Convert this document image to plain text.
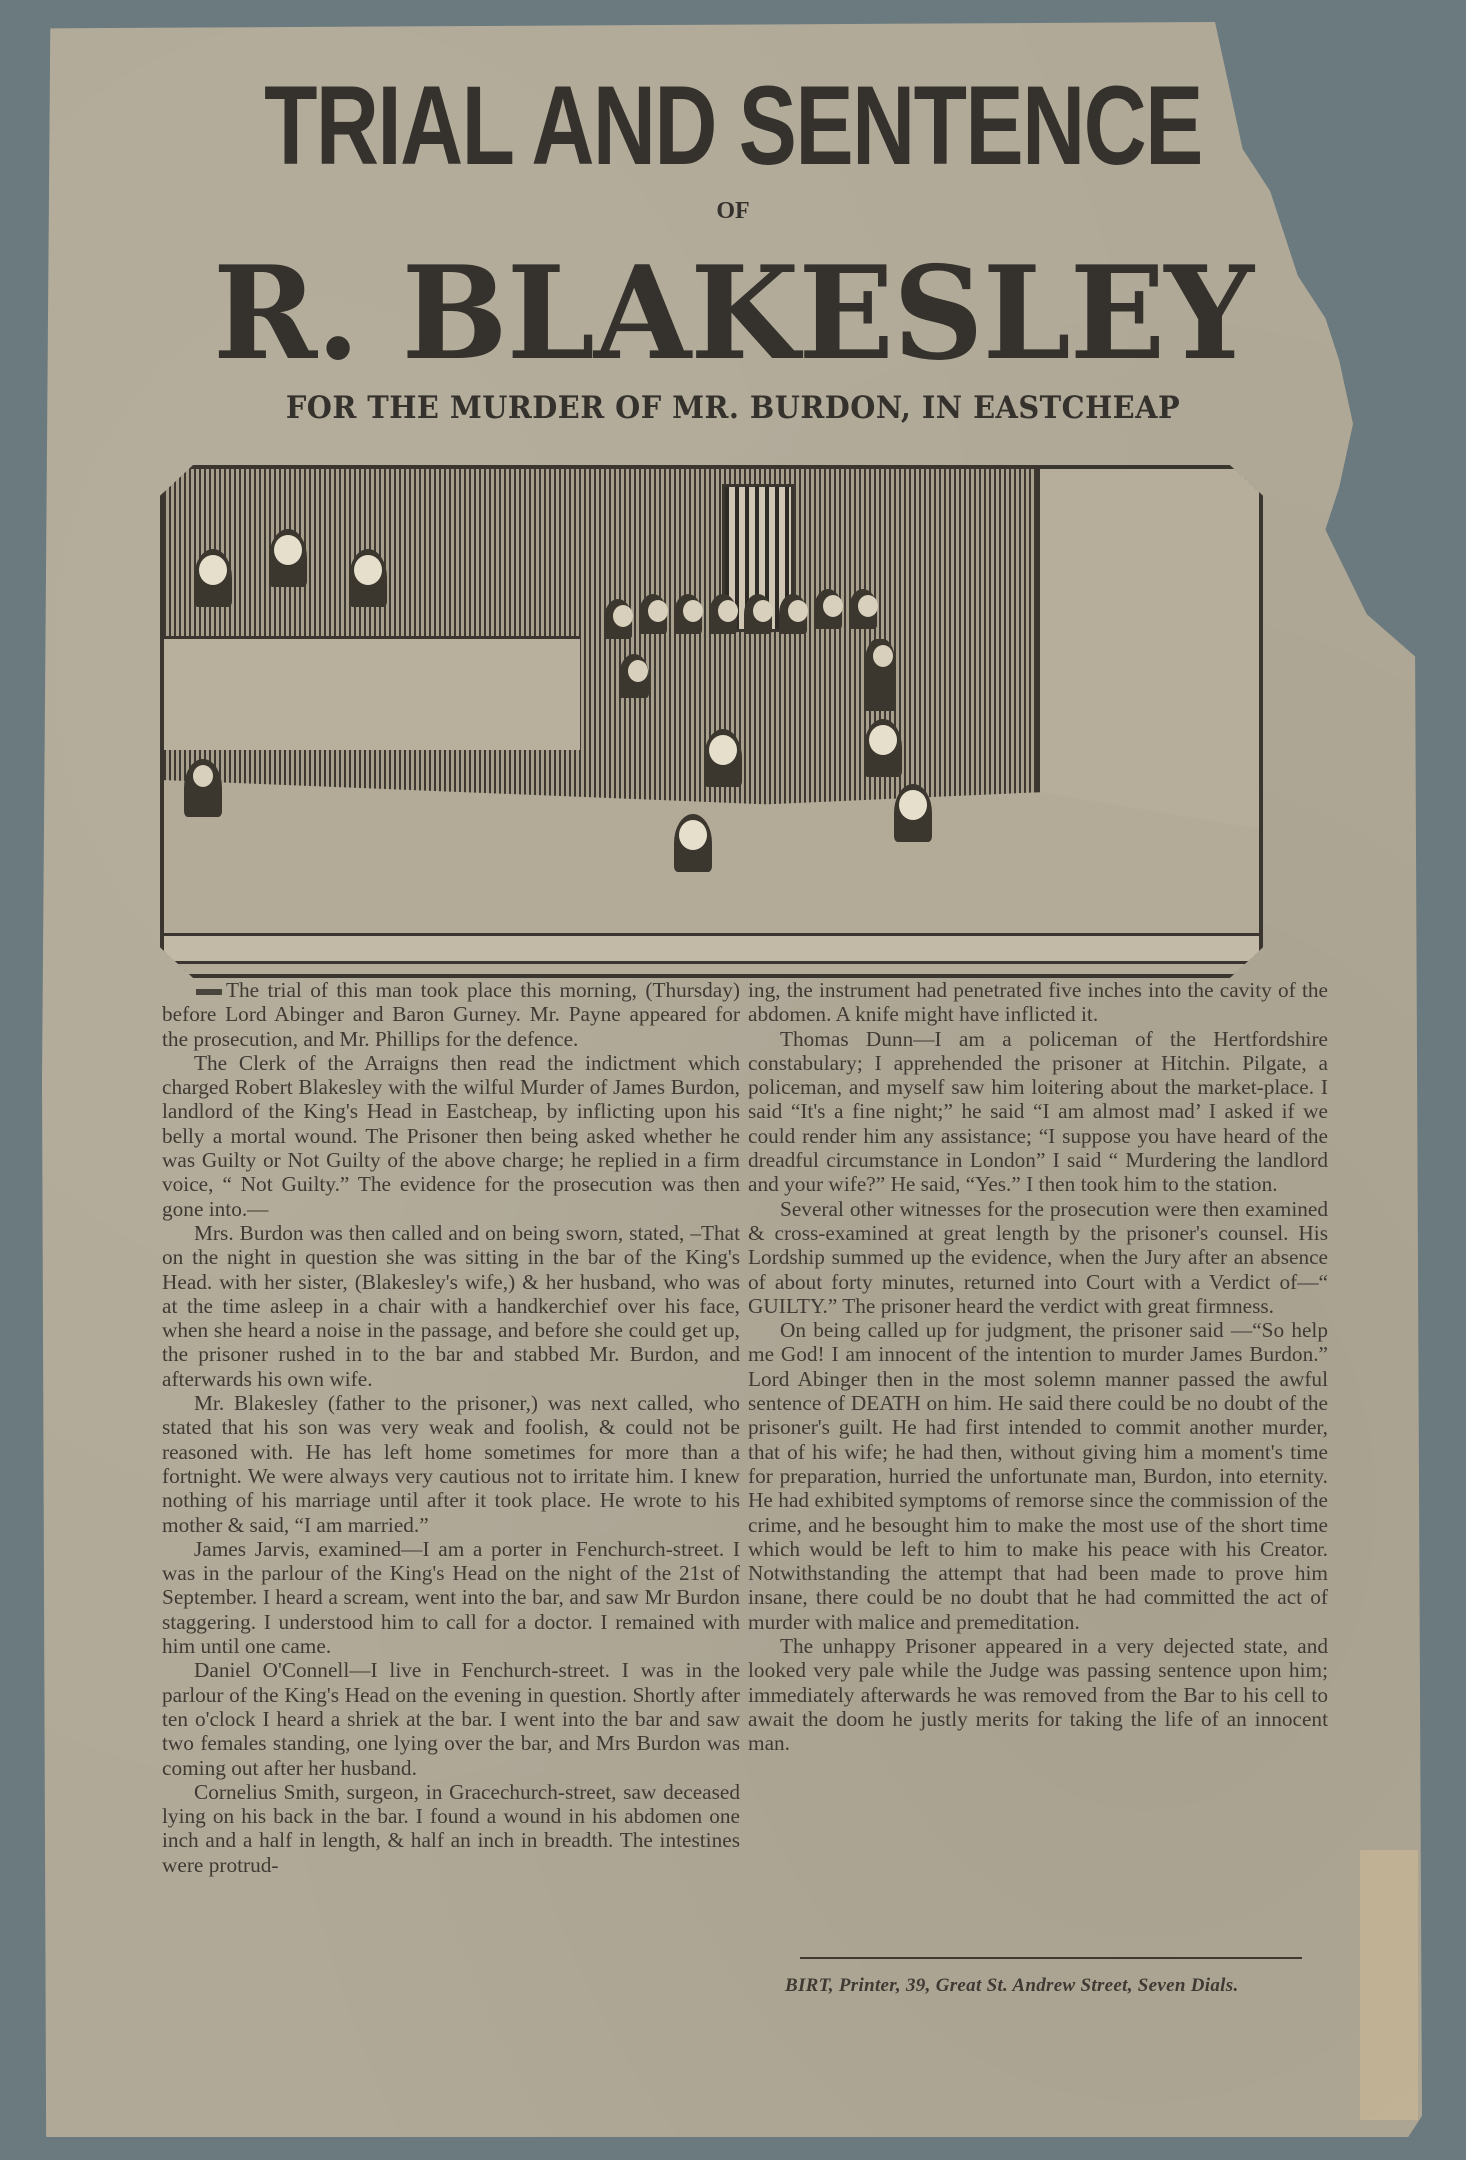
TRIAL AND SENTENCE
OF
R. BLAKESLEY
FOR THE MURDER OF MR. BURDON, IN EASTCHEAP

The trial of this man took place this morning, (Thursday) before Lord Abinger and Baron Gurney. Mr. Payne appeared for the prosecution, and Mr. Phillips for the defence.

The Clerk of the Arraigns then read the indictment which charged Robert Blakesley with the wilful Murder of James Burdon, landlord of the King's Head in Eastcheap, by inflicting upon his belly a mortal wound. The Prisoner then being asked whether he was Guilty or Not Guilty of the above charge; he replied in a firm voice, “ Not Guilty.” The evidence for the prosecution was then gone into.—

Mrs. Burdon was then called and on being sworn, stated, –That on the night in question she was sitting in the bar of the King's Head. with her sister, (Blakesley's wife,) & her husband, who was at the time asleep in a chair with a handkerchief over his face, when she heard a noise in the passage, and before she could get up, the prisoner rushed in to the bar and stabbed Mr. Burdon, and afterwards his own wife.

Mr. Blakesley (father to the prisoner,) was next called, who stated that his son was very weak and foolish, & could not be reasoned with. He has left home sometimes for more than a fortnight. We were always very cautious not to irritate him. I knew nothing of his marriage until after it took place. He wrote to his mother & said, “I am married.”

James Jarvis, examined—I am a porter in Fenchurch-street. I was in the parlour of the King's Head on the night of the 21st of September. I heard a scream, went into the bar, and saw Mr Burdon staggering. I understood him to call for a doctor. I remained with him until one came.

Daniel O'Connell—I live in Fenchurch-street. I was in the parlour of the King's Head on the evening in question. Shortly after ten o'clock I heard a shriek at the bar. I went into the bar and saw two females standing, one lying over the bar, and Mrs Burdon was coming out after her husband.

Cornelius Smith, surgeon, in Gracechurch-street, saw deceased lying on his back in the bar. I found a wound in his abdomen one inch and a half in length, & half an inch in breadth. The intestines were protrud-

ing, the instrument had penetrated five inches into the cavity of the abdomen. A knife might have inflicted it.

Thomas Dunn—I am a policeman of the Hertfordshire constabulary; I apprehended the prisoner at Hitchin. Pilgate, a policeman, and myself saw him loitering about the market-place. I said “It's a fine night;” he said “I am almost mad’ I asked if we could render him any assistance; “I suppose you have heard of the dreadful circumstance in London” I said “ Murdering the landlord and your wife?” He said, “Yes.” I then took him to the station.

Several other witnesses for the prosecution were then examined & cross-examined at great length by the prisoner's counsel. His Lordship summed up the evidence, when the Jury after an absence of about forty minutes, returned into Court with a Verdict of—“ GUILTY.” The prisoner heard the verdict with great firmness.

On being called up for judgment, the prisoner said —“So help me God! I am innocent of the intention to murder James Burdon.” Lord Abinger then in the most solemn manner passed the awful sentence of DEATH on him. He said there could be no doubt of the prisoner's guilt. He had first intended to commit another murder, that of his wife; he had then, without giving him a moment's time for preparation, hurried the unfortunate man, Burdon, into eternity. He had exhibited symptoms of remorse since the commission of the crime, and he besought him to make the most use of the short time which would be left to him to make his peace with his Creator. Notwithstanding the attempt that had been made to prove him insane, there could be no doubt that he had committed the act of murder with malice and premeditation.

The unhappy Prisoner appeared in a very dejected state, and looked very pale while the Judge was passing sentence upon him; immediately afterwards he was removed from the Bar to his cell to await the doom he justly merits for taking the life of an innocent man.

BIRT, Printer, 39, Great St. Andrew Street, Seven Dials.
